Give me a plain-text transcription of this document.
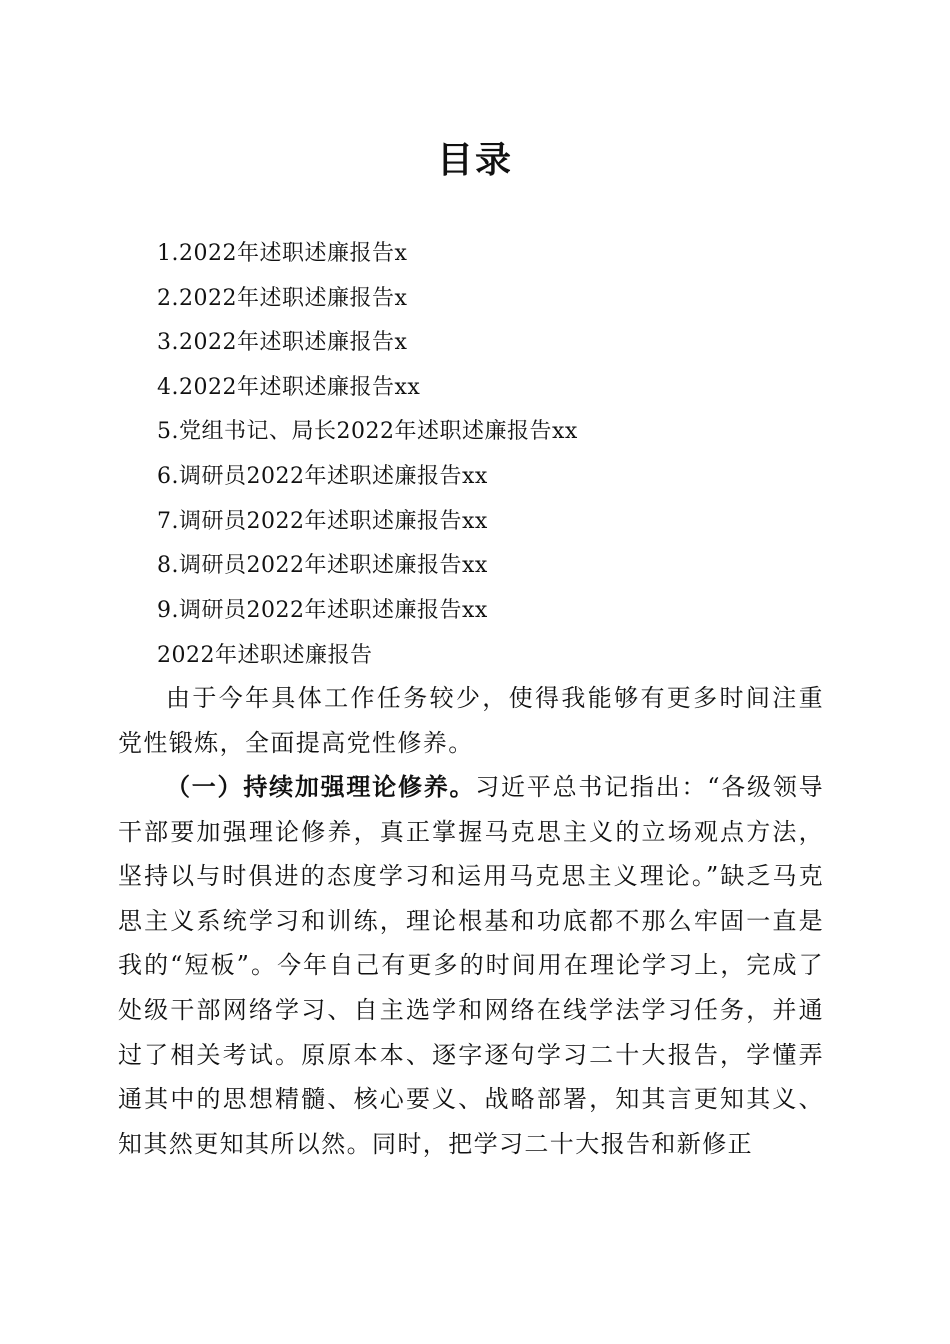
目录
1.2022年述职述廉报告x
2.2022年述职述廉报告x
3.2022年述职述廉报告x
4.2022年述职述廉报告xx
5.党组书记、局长2022年述职述廉报告xx
6.调研员2022年述职述廉报告xx
7.调研员2022年述职述廉报告xx
8.调研员2022年述职述廉报告xx
9.调研员2022年述职述廉报告xx
2022年述职述廉报告

由于今年具体工作任务较少，使得我能够有更多时间注重党性锻炼，全面提高党性修养。

（一）持续加强理论修养。习近平总书记指出：“各级领导干部要加强理论修养，真正掌握马克思主义的立场观点方法，坚持以与时俱进的态度学习和运用马克思主义理论。”缺乏马克思主义系统学习和训练，理论根基和功底都不那么牢固一直是我的“短板”。今年自己有更多的时间用在理论学习上，完成了处级干部网络学习、自主选学和网络在线学法学习任务，并通过了相关考试。原原本本、逐字逐句学习二十大报告，学懂弄通其中的思想精髓、核心要义、战略部署，知其言更知其义、知其然更知其所以然。同时，把学习二十大报告和新修正
